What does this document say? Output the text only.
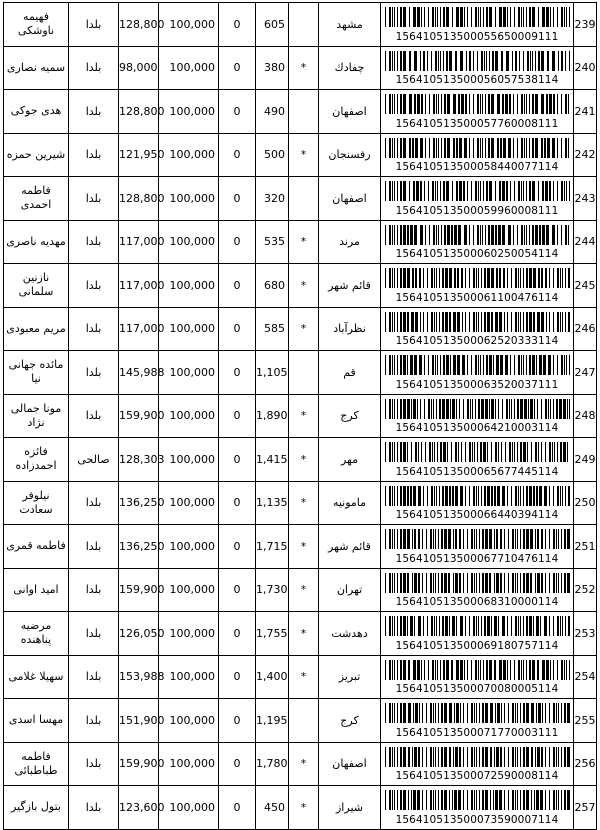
فهيمه ناوشكى	بلدا	128,800	100,000	0	605		مشهد	156410513500055650009111	239
سميه نصارى	بلدا	98,000	100,000	0	380	*	چفادك	156410513500056057538114	240
هدى جوكى	بلدا	128,800	100,000	0	490		اصفهان	156410513500057760008111	241
شيرين حمزه	بلدا	121,950	100,000	0	500	*	رفسنجان	156410513500058440077114	242
فاطمه احمدى	بلدا	128,800	100,000	0	320		اصفهان	156410513500059960008111	243
مهديه ناصرى	بلدا	117,000	100,000	0	535	*	مرند	156410513500060250054114	244
نازنين سلمانى	بلدا	117,000	100,000	0	680	*	قائم شهر	156410513500061100476114	245
مريم معبودى	بلدا	117,000	100,000	0	585	*	نظرآباد	156410513500062520333114	246
مائده جهانى نيا	بلدا	145,988	100,000	0	1,105		قم	156410513500063520037111	247
مونا جمالى نژاد	بلدا	159,900	100,000	0	1,890	*	كرج	156410513500064210003114	248
فائزه احمدزاده	صالحى	128,303	100,000	0	1,415	*	مهر	156410513500065677445114	249
نيلوفر سعادت	بلدا	136,250	100,000	0	1,135	*	مامونيه	156410513500066440394114	250
فاطمه قمرى	بلدا	136,250	100,000	0	1,715	*	قائم شهر	156410513500067710476114	251
اميد اوانى	بلدا	159,900	100,000	0	1,730	*	تهران	156410513500068310000114	252
مرضيه پناهنده	بلدا	126,050	100,000	0	1,755	*	دهدشت	156410513500069180757114	253
سهيلا غلامى	بلدا	153,988	100,000	0	1,400	*	تبريز	156410513500070080005114	254
مهسا اسدى	بلدا	151,900	100,000	0	1,195		كرج	156410513500071770003111	255
فاطمه طباطبائى	بلدا	159,900	100,000	0	1,780	*	اصفهان	156410513500072590008114	256
بتول بازگير	بلدا	123,600	100,000	0	450	*	شيراز	156410513500073590007114	257
